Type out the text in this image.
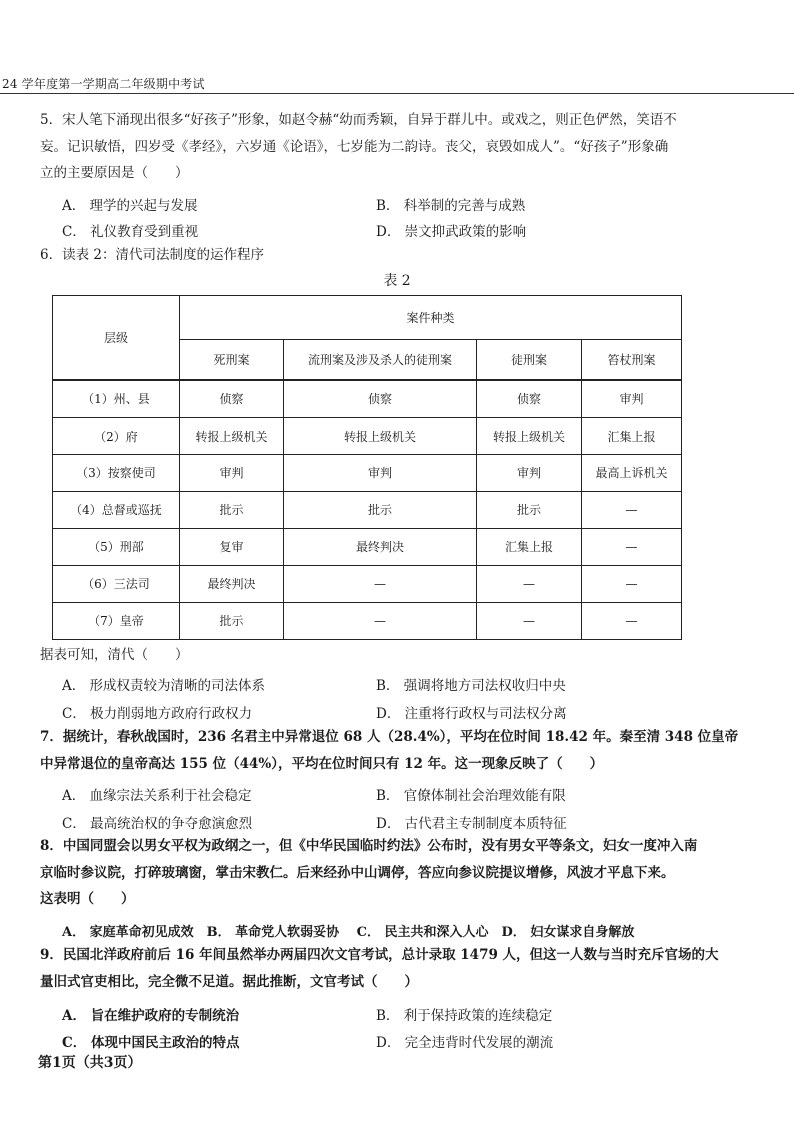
24 学年度第一学期高二年级期中考试
5．宋人笔下涌现出很多“好孩子”形象，如赵令赫“幼而秀颖，自异于群儿中。或戏之，则正色俨然，笑语不
妄。记识敏悟，四岁受《孝经》，六岁通《论语》，七岁能为二韵诗。丧父，哀毁如成人”。“好孩子”形象确
立的主要原因是（　　）
A． 理学的兴起与发展	B． 科举制的完善与成熟
C． 礼仪教育受到重视	D． 崇文抑武政策的影响
6．读表 2：清代司法制度的运作程序
表 2
层级	案件种类			
	死刑案	流刑案及涉及杀人的徒刑案	徒刑案	笞杖刑案
（1）州、县	侦察	侦察	侦察	审判
（2）府	转报上级机关	转报上级机关	转报上级机关	汇集上报
（3）按察使司	审判	审判	审判	最高上诉机关
（4）总督或巡抚	批示	批示	批示	—
（5）刑部	复审	最终判决	汇集上报	—
（6）三法司	最终判决	—	—	—
（7）皇帝	批示	—	—	—
据表可知，清代（　　）
A． 形成权责较为清晰的司法体系	B． 强调将地方司法权收归中央
C． 极力削弱地方政府行政权力	D． 注重将行政权与司法权分离
7．据统计，春秋战国时，236 名君主中异常退位 68 人（28.4%），平均在位时间 18.42 年。秦至清 348 位皇帝
中异常退位的皇帝高达 155 位（44%），平均在位时间只有 12 年。这一现象反映了（　　）
A． 血缘宗法关系利于社会稳定	B． 官僚体制社会治理效能有限
C． 最高统治权的争夺愈演愈烈	D． 古代君主专制制度本质特征
8．中国同盟会以男女平权为政纲之一，但《中华民国临时约法》公布时，没有男女平等条文，妇女一度冲入南
京临时参议院，打碎玻璃窗，掌击宋教仁。后来经孙中山调停，答应向参议院提议增修，风波才平息下来。
这表明（　　）
A． 家庭革命初见成效　B． 革命党人软弱妥协　 C． 民主共和深入人心　D． 妇女谋求自身解放
9．民国北洋政府前后 16 年间虽然举办两届四次文官考试，总计录取 1479 人，但这一人数与当时充斥官场的大
量旧式官吏相比，完全微不足道。据此推断，文官考试（　　）
A． 旨在维护政府的专制统治	B． 利于保持政策的连续稳定
C． 体现中国民主政治的特点	D． 完全违背时代发展的潮流
第1页（共3页）
